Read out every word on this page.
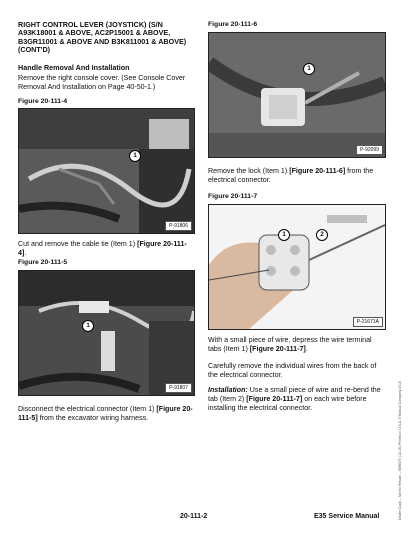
RIGHT CONTROL LEVER (JOYSTICK) (S/N A93K18001 & ABOVE, AC2P15001 & ABOVE, B3GR11001 & ABOVE AND B3K811001 & ABOVE) (CONT'D)

Handle Removal And Installation

Remove the right console cover. (See Console Cover Removal And Installation on Page 40-50-1.)

Figure 20-111-4

1
P-91806

Cut and remove the cable tie (Item 1) [Figure 20-111-4].

Figure 20-111-5

1
P-91807

Disconnect the electrical connector (Item 1) [Figure 20-111-5] from the excavator wiring harness.

Figure 20-111-6

1
P-92099

Remove the lock (Item 1) [Figure 20-111-6] from the electrical connector.

Figure 20-111-7

1	2
P-21671A

With a small piece of wire, depress the wire terminal tabs (Item 1) [Figure 20-111-7].

Carefully remove the individual wires from the back of the electrical connector.

Installation: Use a small piece of wire and re-bend the tab (Item 2) [Figure 20-111-7] on each wire before installing the electrical connector.

20-111-2	E35 Service Manual	Dealer Copy -- Not for Resale -- 6989370 (12-16) Printed in U.S.A. © Bobcat Company 2016
